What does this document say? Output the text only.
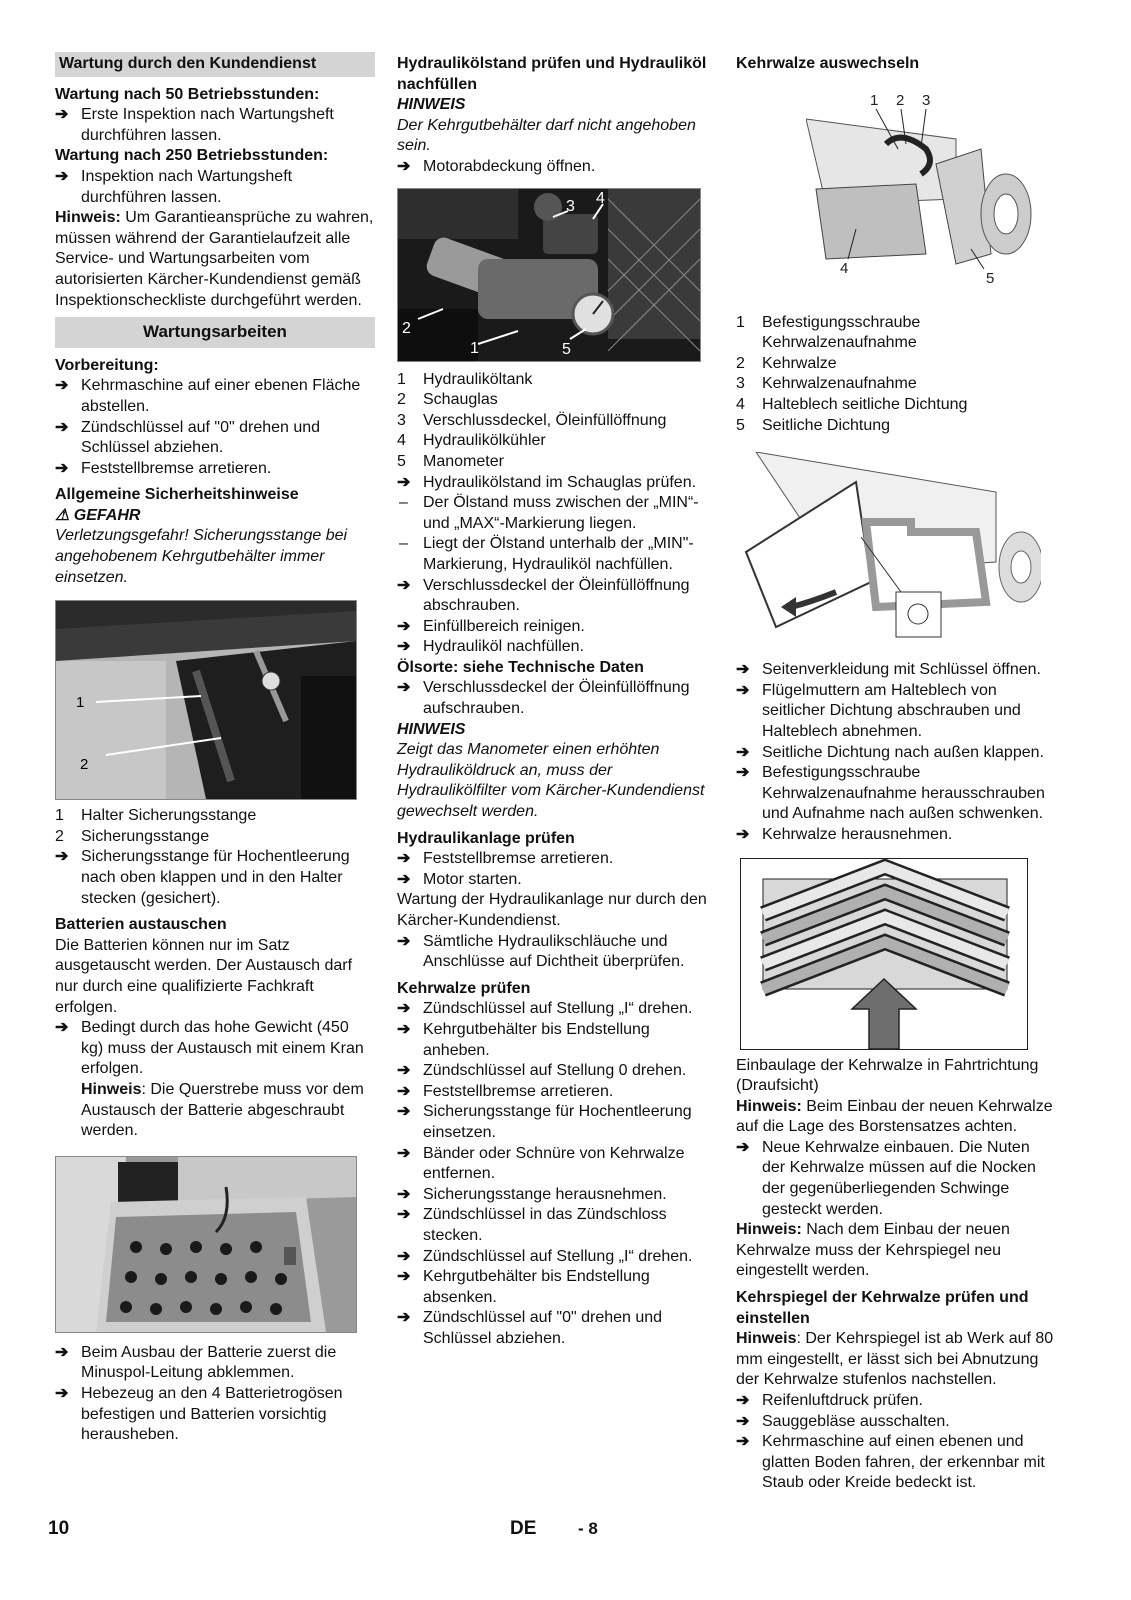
Wartung durch den Kundendienst

Wartung nach 50 Betriebsstunden:

➔ Erste Inspektion nach Wartungsheft durchführen lassen.

Wartung nach 250 Betriebsstunden:

➔ Inspektion nach Wartungsheft durchführen lassen.

Hinweis: Um Garantieansprüche zu wahren, müssen während der Garantielaufzeit alle Service- und Wartungsarbeiten vom autorisierten Kärcher-Kundendienst gemäß Inspektionscheckliste durchgeführt werden.

Wartungsarbeiten

Vorbereitung:

➔ Kehrmaschine auf einer ebenen Fläche abstellen.

➔ Zündschlüssel auf "0" drehen und Schlüssel abziehen.

➔ Feststellbremse arretieren.

Allgemeine Sicherheitshinweise

⚠ GEFAHR

Verletzungsgefahr! Sicherungsstange bei angehobenem Kehrgutbehälter immer einsetzen.

1
2

1 Halter Sicherungsstange

2 Sicherungsstange

➔ Sicherungsstange für Hochentleerung nach oben klappen und in den Halter stecken (gesichert).

Batterien austauschen

Die Batterien können nur im Satz ausgetauscht werden. Der Austausch darf nur durch eine qualifizierte Fachkraft erfolgen.

➔ Bedingt durch das hohe Gewicht (450 kg) muss der Austausch mit einem Kran erfolgen.

Hinweis: Die Querstrebe muss vor dem Austausch der Batterie abgeschraubt werden.

➔ Beim Ausbau der Batterie zuerst die Minuspol-Leitung abklemmen.

➔ Hebezeug an den 4 Batterietrogösen befestigen und Batterien vorsichtig herausheben.

Hydraulikölstand prüfen und Hydrauliköl nachfüllen

HINWEIS

Der Kehrgutbehälter darf nicht angehoben sein.

➔ Motorabdeckung öffnen.

1
2
3 4
5

1 Hydrauliköltank

2 Schauglas

3 Verschlussdeckel, Öleinfüllöffnung

4 Hydraulikölkühler

5 Manometer

➔ Hydraulikölstand im Schauglas prüfen.

– Der Ölstand muss zwischen der „MIN“- und „MAX“-Markierung liegen.

– Liegt der Ölstand unterhalb der „MIN"-Markierung, Hydrauliköl nachfüllen.

➔ Verschlussdeckel der Öleinfüllöffnung abschrauben.

➔ Einfüllbereich reinigen.

➔ Hydrauliköl nachfüllen.

Ölsorte: siehe Technische Daten

➔ Verschlussdeckel der Öleinfüllöffnung aufschrauben.

HINWEIS

Zeigt das Manometer einen erhöhten Hydrauliköldruck an, muss der Hydraulikölfilter vom Kärcher-Kundendienst gewechselt werden.

Hydraulikanlage prüfen

➔ Feststellbremse arretieren.

➔ Motor starten.

Wartung der Hydraulikanlage nur durch den Kärcher-Kundendienst.

➔ Sämtliche Hydraulikschläuche und Anschlüsse auf Dichtheit überprüfen.

Kehrwalze prüfen

➔ Zündschlüssel auf Stellung „I“ drehen.

➔ Kehrgutbehälter bis Endstellung anheben.

➔ Zündschlüssel auf Stellung 0 drehen.

➔ Feststellbremse arretieren.

➔ Sicherungsstange für Hochentleerung einsetzen.

➔ Bänder oder Schnüre von Kehrwalze entfernen.

➔ Sicherungsstange herausnehmen.

➔ Zündschlüssel in das Zündschloss stecken.

➔ Zündschlüssel auf Stellung „I“ drehen.

➔ Kehrgutbehälter bis Endstellung absenken.

➔ Zündschlüssel auf "0" drehen und Schlüssel abziehen.

Kehrwalze auswechseln

1 2 3
4
5

1 Befestigungsschraube Kehrwalzenaufnahme

2 Kehrwalze

3 Kehrwalzenaufnahme

4 Halteblech seitliche Dichtung

5 Seitliche Dichtung

➔ Seitenverkleidung mit Schlüssel öffnen.

➔ Flügelmuttern am Halteblech von seitlicher Dichtung abschrauben und Halteblech abnehmen.

➔ Seitliche Dichtung nach außen klappen.

➔ Befestigungsschraube Kehrwalzenaufnahme herausschrauben und Aufnahme nach außen schwenken.

➔ Kehrwalze herausnehmen.

Einbaulage der Kehrwalze in Fahrtrichtung (Draufsicht)

Hinweis: Beim Einbau der neuen Kehrwalze auf die Lage des Borstensatzes achten.

➔ Neue Kehrwalze einbauen. Die Nuten der Kehrwalze müssen auf die Nocken der gegenüberliegenden Schwinge gesteckt werden.

Hinweis: Nach dem Einbau der neuen Kehrwalze muss der Kehrspiegel neu eingestellt werden.

Kehrspiegel der Kehrwalze prüfen und einstellen

Hinweis: Der Kehrspiegel ist ab Werk auf 80 mm eingestellt, er lässt sich bei Abnutzung der Kehrwalze stufenlos nachstellen.

➔ Reifenluftdruck prüfen.

➔ Sauggebläse ausschalten.

➔ Kehrmaschine auf einen ebenen und glatten Boden fahren, der erkennbar mit Staub oder Kreide bedeckt ist.

10	DE - 8
